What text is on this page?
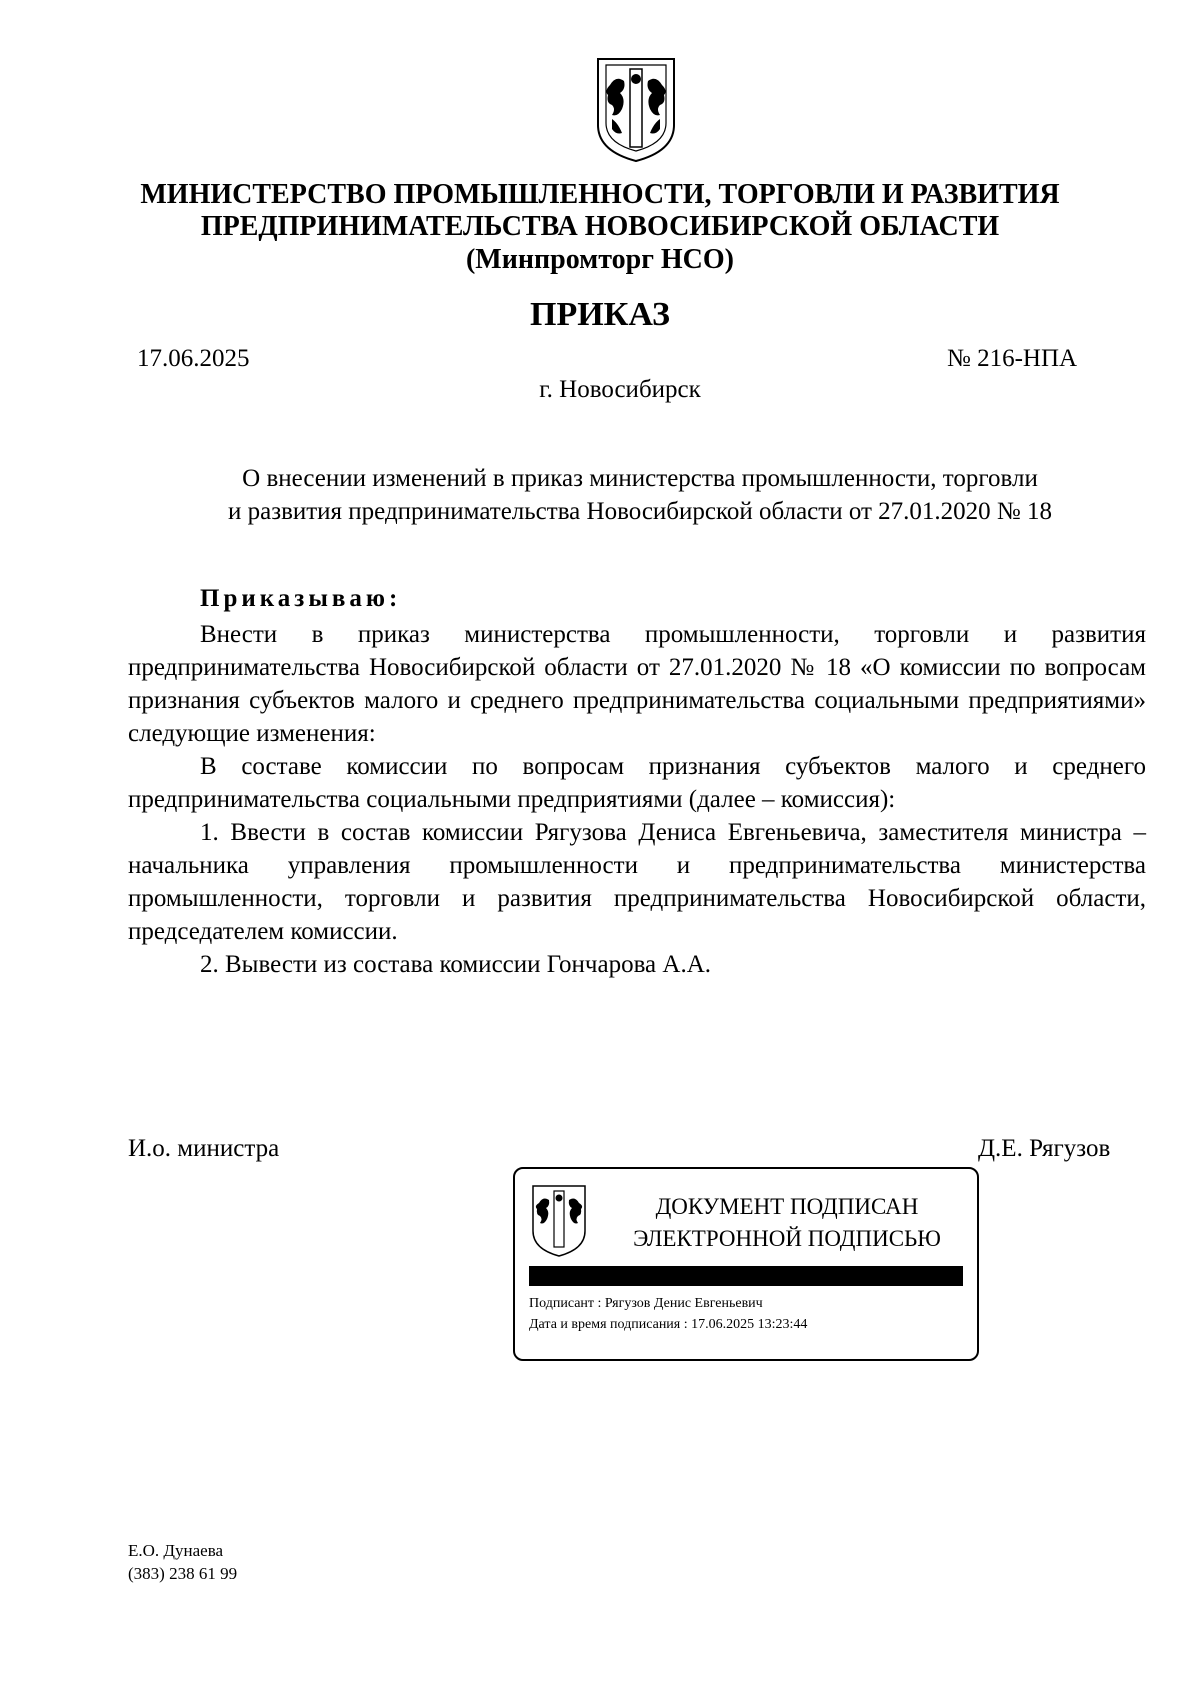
МИНИСТЕРСТВО ПРОМЫШЛЕННОСТИ, ТОРГОВЛИ И РАЗВИТИЯ
ПРЕДПРИНИМАТЕЛЬСТВА НОВОСИБИРСКОЙ ОБЛАСТИ
(Минпромторг НСО)
ПРИКАЗ
17.06.2025	№ 216-НПА
г. Новосибирск
О внесении изменений в приказ министерства промышленности, торговли
и развития предпринимательства Новосибирской области от 27.01.2020 № 18
Приказываю:

Внести в приказ министерства промышленности, торговли и развития предпринимательства Новосибирской области от 27.01.2020 № 18 «О комиссии по вопросам признания субъектов малого и среднего предпринимательства социальными предприятиями» следующие изменения:

В составе комиссии по вопросам признания субъектов малого и среднего предпринимательства социальными предприятиями (далее – комиссия):

1. Ввести в состав комиссии Рягузова Дениса Евгеньевича, заместителя министра – начальника управления промышленности и предпринимательства министерства промышленности, торговли и развития предпринимательства Новосибирской области, председателем комиссии.

2. Вывести из состава комиссии Гончарова А.А.

И.о. министра	Д.Е. Рягузов
ДОКУМЕНТ ПОДПИСАН
ЭЛЕКТРОННОЙ ПОДПИСЬЮ
Подписант : Рягузов Денис Евгеньевич
Дата и время подписания : 17.06.2025 13:23:44
Е.О. Дунаева
(383) 238 61 99
